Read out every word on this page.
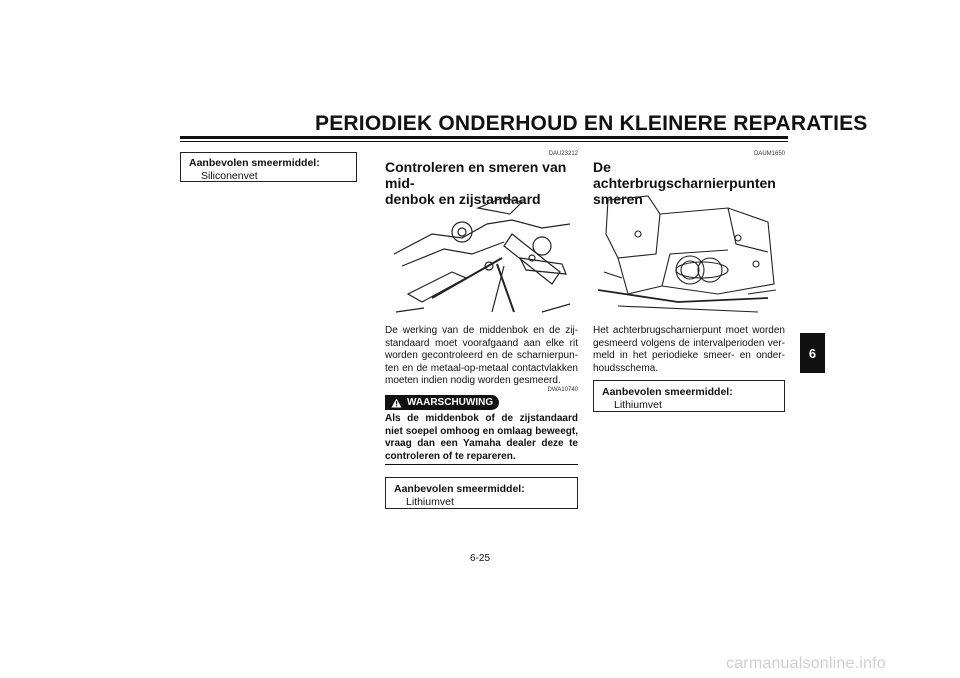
PERIODIEK ONDERHOUD EN KLEINERE REPARATIES
Aanbevolen smeermiddel:
Siliconenvet
DAU23212
Controleren en smeren van mid-
denbok en zijstandaard
De werking van de middenbok en de zij-standaard moet voorafgaand aan elke rit worden gecontroleerd en de scharnierpun-ten en de metaal-op-metaal contactvlakken moeten indien nodig worden gesmeerd.
DWA10740
WAARSCHUWING
Als de middenbok of de zijstandaard niet soepel omhoog en omlaag beweegt, vraag dan een Yamaha dealer deze te controleren of te repareren.
Aanbevolen smeermiddel:
Lithiumvet
DAUM1650
De achterbrugscharnierpunten
smeren
Het achterbrugscharnierpunt moet worden gesmeerd volgens de intervalperioden ver-meld in het periodieke smeer- en onder-houdsschema.
Aanbevolen smeermiddel:
Lithiumvet
6
6-25
carmanualsonline.info
